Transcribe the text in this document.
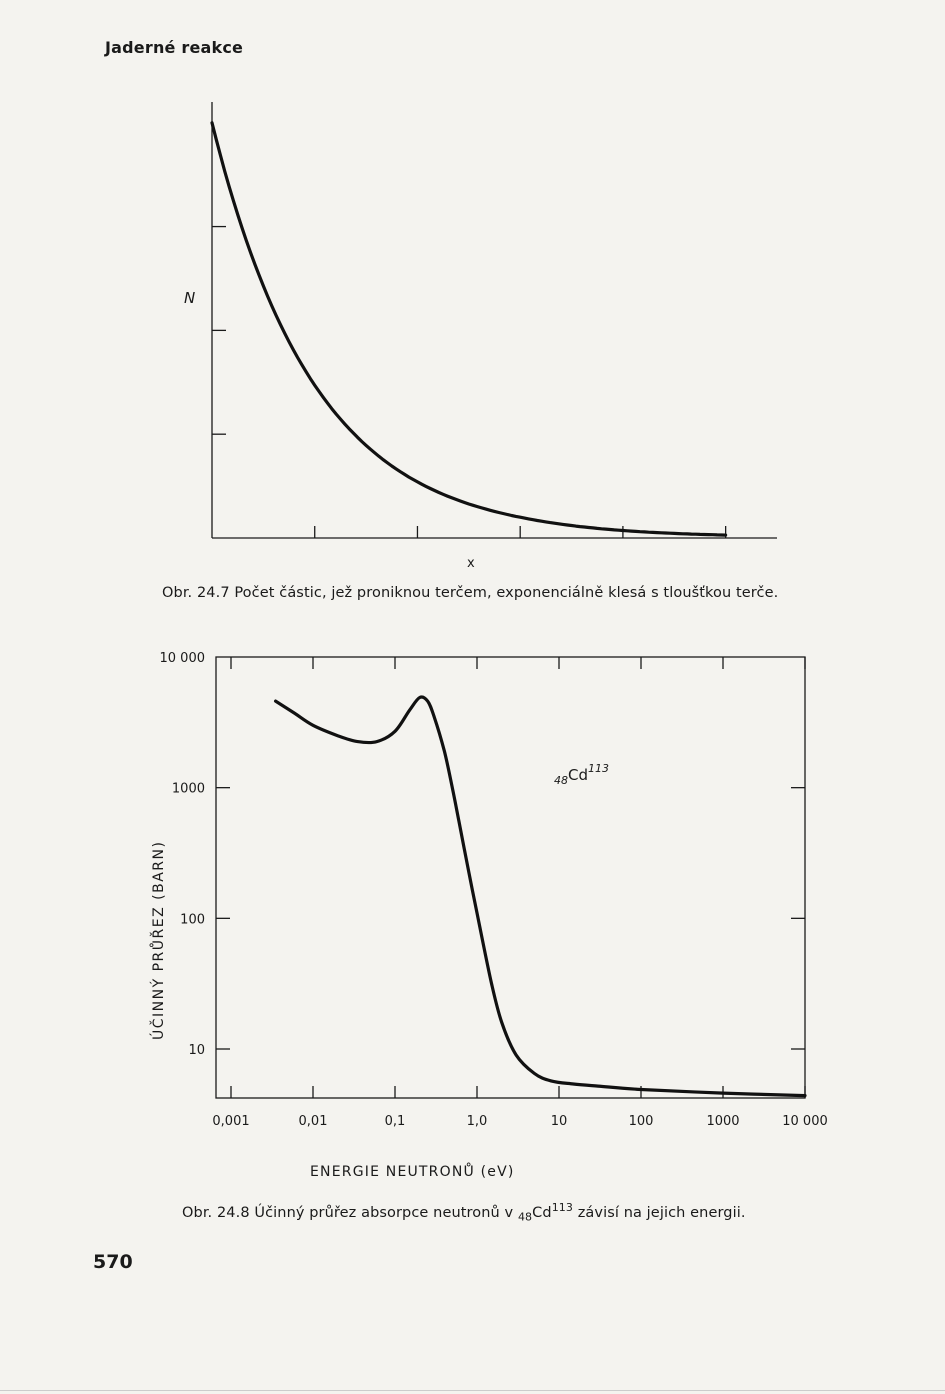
Jaderné reakce
N
x
Obr. 24.7 Počet částic, jež proniknou terčem, exponenciálně klesá s tloušťkou terče.
0,001	0,01	0,1	1,0	10	100	1000	10 000
10
100
1000
10 000
48Cd$^{113}$
ÚČINNÝ PRŮŘEZ (BARN)
ENERGIE NEUTRONŮ (eV)
Obr. 24.8 Účinný průřez absorpce neutronů v $_{48}Cd^{113}$ závisí na jejich energii.
570
